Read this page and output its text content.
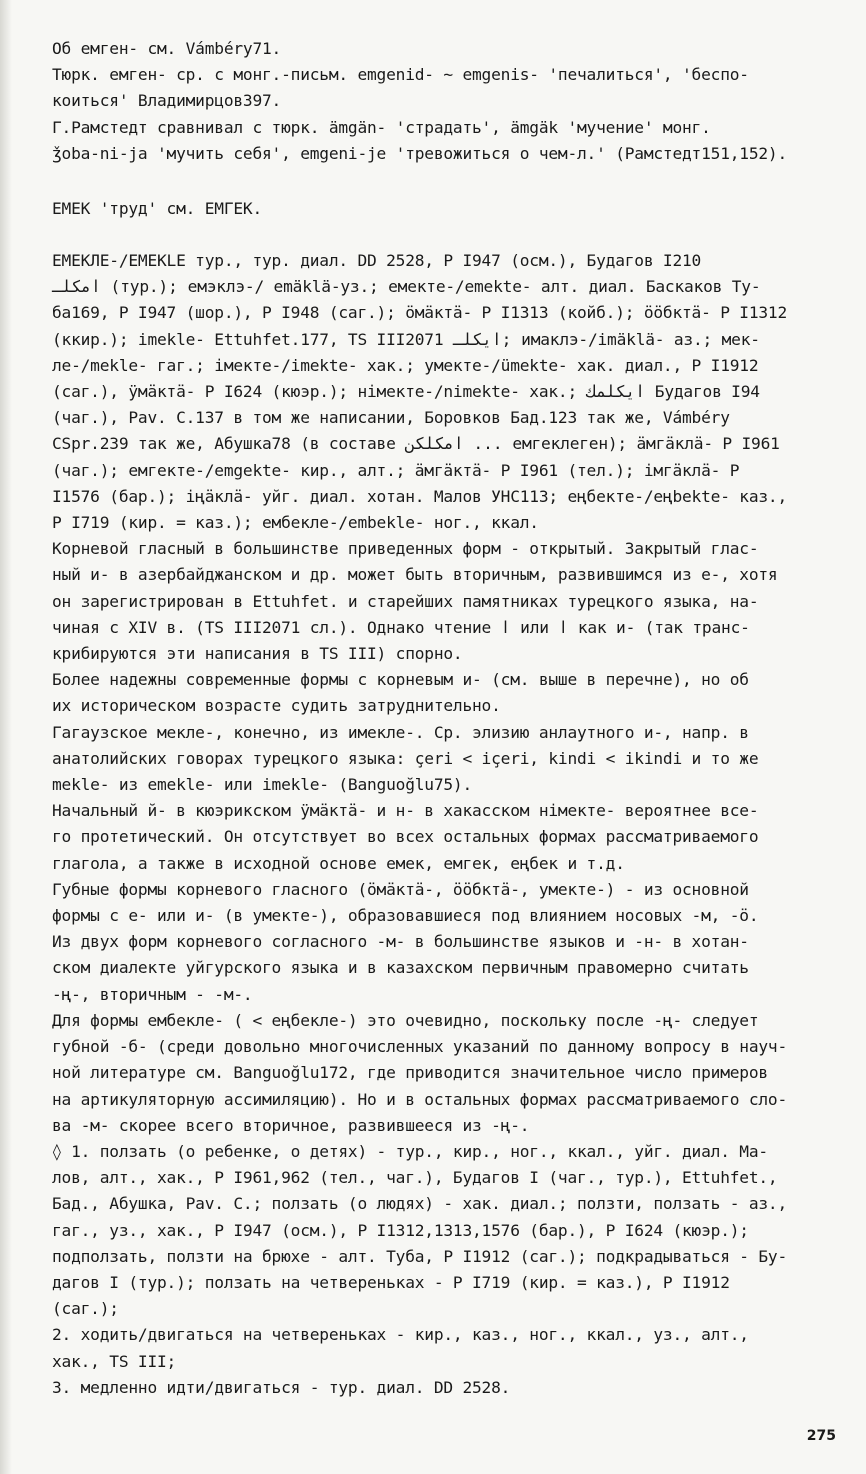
Об емген- см. Vámbéry71.
Тюрк. емген- ср. с монг.-письм. emgenid- ~ emgenis- 'печалиться', 'беспо-
коиться' Владимирцов397.
Г.Рамстедт сравнивал с тюрк. ämgän- 'страдать', ämgäk 'мучение' монг.
ǯoba-ni-ja 'мучить себя', emgeni-je 'тревожиться о чем-л.' (Рамстедт151,152).
ЕМЕК 'труд' см. ЕМГЕК.
ЕМЕКЛЕ-/ЕМЕКLЕ тур., тур. диал. DD 2528, P I947 (осм.), Будагов I210
امكلـ (тур.); емэклэ-/ emäklä-уз.; емекте-/emekte- алт. диал. Баскаков Ту-
ба169, P I947 (шор.), P I948 (саг.); ӧмӓктӓ- P I1313 (койб.); ӧӧбктӓ- P I1312
(ккир.); imekle- Ettuhfet.177, TS III2071 ايكلـ; имаклэ-/imäklä- аз.; мек-
ле-/mekle- гаг.; імекте-/imekte- хак.; умекте-/ümekte- хак. диал., P I1912
(саг.), ÿмӓктӓ- P I624 (кюэр.); німекте-/nimekte- хак.; ايكلمك Будагов I94
(чаг.), Pav. C.137 в том же написании, Боровков Бад.123 так же, Vámbéry
CSpr.239 так же, Абушка78 (в составе امكلكن ... емгеклеген); ӓмгӓклӓ- P I961
(чаг.); емгекте-/emgekte- кир., алт.; ӓмгӓктӓ- P I961 (тел.); імгӓклӓ- P
I1576 (бар.); іңӓклӓ- уйг. диал. хотан. Малов УНС113; еңбекте-/eңbekte- каз.,
P I719 (кир. = каз.); ембекле-/embekle- ног., ккал.
Корневой гласный в большинстве приведенных форм - открытый. Закрытый глас-
ный и- в азербайджанском и др. может быть вторичным, развившимся из е-, хотя
он зарегистрирован в Ettuhfet. и старейших памятниках турецкого языка, на-
чиная с XIV в. (TS III2071 сл.). Однако чтение ا или ا как и- (так транс-
крибируются эти написания в TS III) спорно.
Более надежны современные формы с корневым и- (см. выше в перечне), но об
их историческом возрасте судить затруднительно.
Гагаузское мекле-, конечно, из имекле-. Ср. элизию анлаутного и-, напр. в
анатолийских говорах турецкого языка: çeri < içeri, kindi < ikindi и то же
mekle- из emekle- или imekle- (Banguoğlu75).
Начальный й- в кюэрикском ÿмӓктӓ- и н- в хакасском німекте- вероятнее все-
го протетический. Он отсутствует во всех остальных формах рассматриваемого
глагола, а также в исходной основе емек, емгек, еңбек и т.д.
Губные формы корневого гласного (ӧмӓктӓ-, ӧӧбктӓ-, умекте-) - из основной
формы с е- или и- (в умекте-), образовавшиеся под влиянием носовых -м, -ӧ.
Из двух форм корневого согласного -м- в большинстве языков и -н- в хотан-
ском диалекте уйгурского языка и в казахском первичным правомерно считать
-ң-, вторичным - -м-.
Для формы ембекле- ( < еңбекле-) это очевидно, поскольку после -ң- следует
губной -б- (среди довольно многочисленных указаний по данному вопросу в науч-
ной литературе см. Banguoğlu172, где приводится значительное число примеров
на артикуляторную ассимиляцию). Но и в остальных формах рассматриваемого сло-
ва -м- скорее всего вторичное, развившееся из -ң-.
◊ 1. ползать (о ребенке, о детях) - тур., кир., ног., ккал., уйг. диал. Ма-
лов, алт., хак., P I961,962 (тел., чаг.), Будагов I (чаг., тур.), Ettuhfet.,
Бад., Абушка, Pav. C.; ползать (о людях) - хак. диал.; ползти, ползать - аз.,
гаг., уз., хак., P I947 (осм.), P I1312,1313,1576 (бар.), P I624 (кюэр.);
подползать, ползти на брюхе - алт. Туба, P I1912 (саг.); подкрадываться - Бу-
дагов I (тур.); ползать на четвереньках - P I719 (кир. = каз.), P I1912
(саг.);
2. ходить/двигаться на четвереньках - кир., каз., ног., ккал., уз., алт.,
хак., TS III;
3. медленно идти/двигаться - тур. диал. DD 2528.
275
